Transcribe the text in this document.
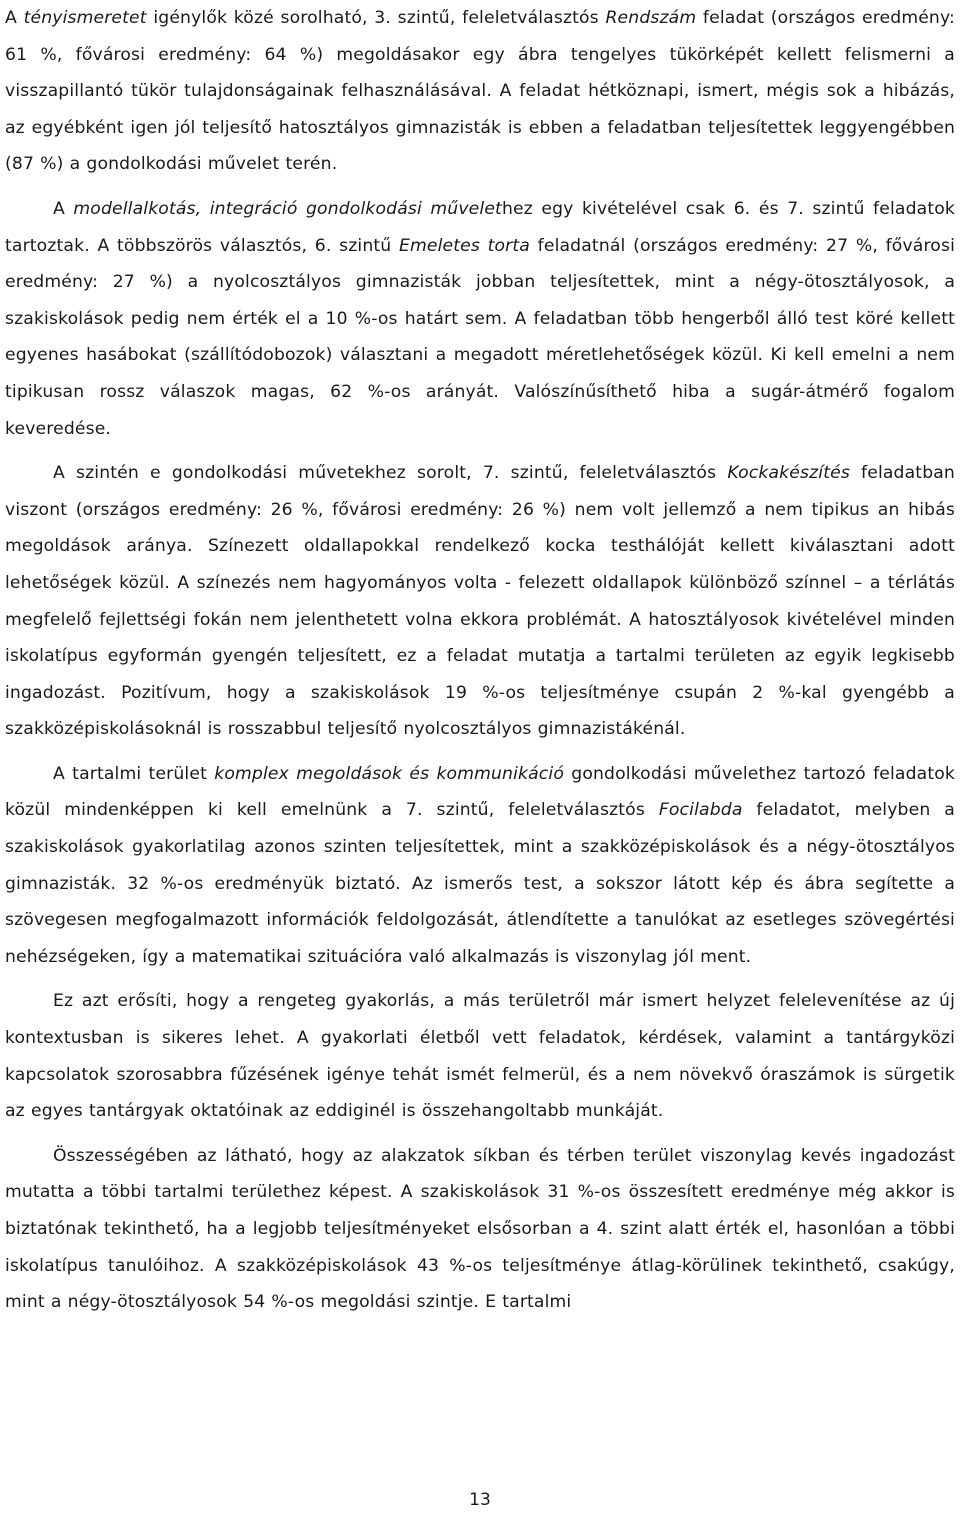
A tényismeretet igénylők közé sorolható, 3. szintű, feleletválasztós Rendszám feladat (országos eredmény: 61 %, fővárosi eredmény: 64 %) megoldásakor egy ábra tengelyes tükörképét kellett felismerni a visszapillantó tükör tulajdonságainak felhasználásával. A feladat hétköznapi, ismert, mégis sok a hibázás, az egyébként igen jól teljesítő hatosztályos gimnazisták is ebben a feladatban teljesítettek leggyengébben (87 %) a gondolkodási művelet terén.

A modellalkotás, integráció gondolkodási művelethez egy kivételével csak 6. és 7. szintű feladatok tartoztak. A többszörös választós, 6. szintű Emeletes torta feladatnál (országos eredmény: 27 %, fővárosi eredmény: 27 %) a nyolcosztályos gimnazisták jobban teljesítettek, mint a négy-ötosztályosok, a szakiskolások pedig nem érték el a 10 %-os határt sem. A feladatban több hengerből álló test köré kellett egyenes hasábokat (szállítódobozok) választani a megadott méretlehetőségek közül. Ki kell emelni a nem tipikusan rossz válaszok magas, 62 %-os arányát. Valószínűsíthető hiba a sugár-átmérő fogalom keveredése.

A szintén e gondolkodási művetekhez sorolt, 7. szintű, feleletválasztós Kockakészítés feladatban viszont (országos eredmény: 26 %, fővárosi eredmény: 26 %) nem volt jellemző a nem tipikus an hibás megoldások aránya. Színezett oldallapokkal rendelkező kocka testhálóját kellett kiválasztani adott lehetőségek közül. A színezés nem hagyományos volta - felezett oldallapok különböző színnel – a térlátás megfelelő fejlettségi fokán nem jelenthetett volna ekkora problémát. A hatosztályosok kivételével minden iskolatípus egyformán gyengén teljesített, ez a feladat mutatja a tartalmi területen az egyik legkisebb ingadozást. Pozitívum, hogy a szakiskolások 19 %-os teljesítménye csupán 2 %-kal gyengébb a szakközépiskolásoknál is rosszabbul teljesítő nyolcosztályos gimnazistákénál.

A tartalmi terület komplex megoldások és kommunikáció gondolkodási művelethez tartozó feladatok közül mindenképpen ki kell emelnünk a 7. szintű, feleletválasztós Focilabda feladatot, melyben a szakiskolások gyakorlatilag azonos szinten teljesítettek, mint a szakközépiskolások és a négy-ötosztályos gimnazisták. 32 %-os eredményük biztató. Az ismerős test, a sokszor látott kép és ábra segítette a szövegesen megfogalmazott információk feldolgozását, átlendítette a tanulókat az esetleges szövegértési nehézségeken, így a matematikai szituációra való alkalmazás is viszonylag jól ment.

Ez azt erősíti, hogy a rengeteg gyakorlás, a más területről már ismert helyzet felelevenítése az új kontextusban is sikeres lehet. A gyakorlati életből vett feladatok, kérdések, valamint a tantárgyközi kapcsolatok szorosabbra fűzésének igénye tehát ismét felmerül, és a nem növekvő óraszámok is sürgetik az egyes tantárgyak oktatóinak az eddiginél is összehangoltabb munkáját.

Összességében az látható, hogy az alakzatok síkban és térben terület viszonylag kevés ingadozást mutatta a többi tartalmi területhez képest. A szakiskolások 31 %-os összesített eredménye még akkor is biztatónak tekinthető, ha a legjobb teljesítményeket elsősorban a 4. szint alatt érték el, hasonlóan a többi iskolatípus tanulóihoz. A szakközépiskolások 43 %-os teljesítménye átlag-körülinek tekinthető, csakúgy, mint a négy-ötosztályosok 54 %-os megoldási szintje. E tartalmi

13
